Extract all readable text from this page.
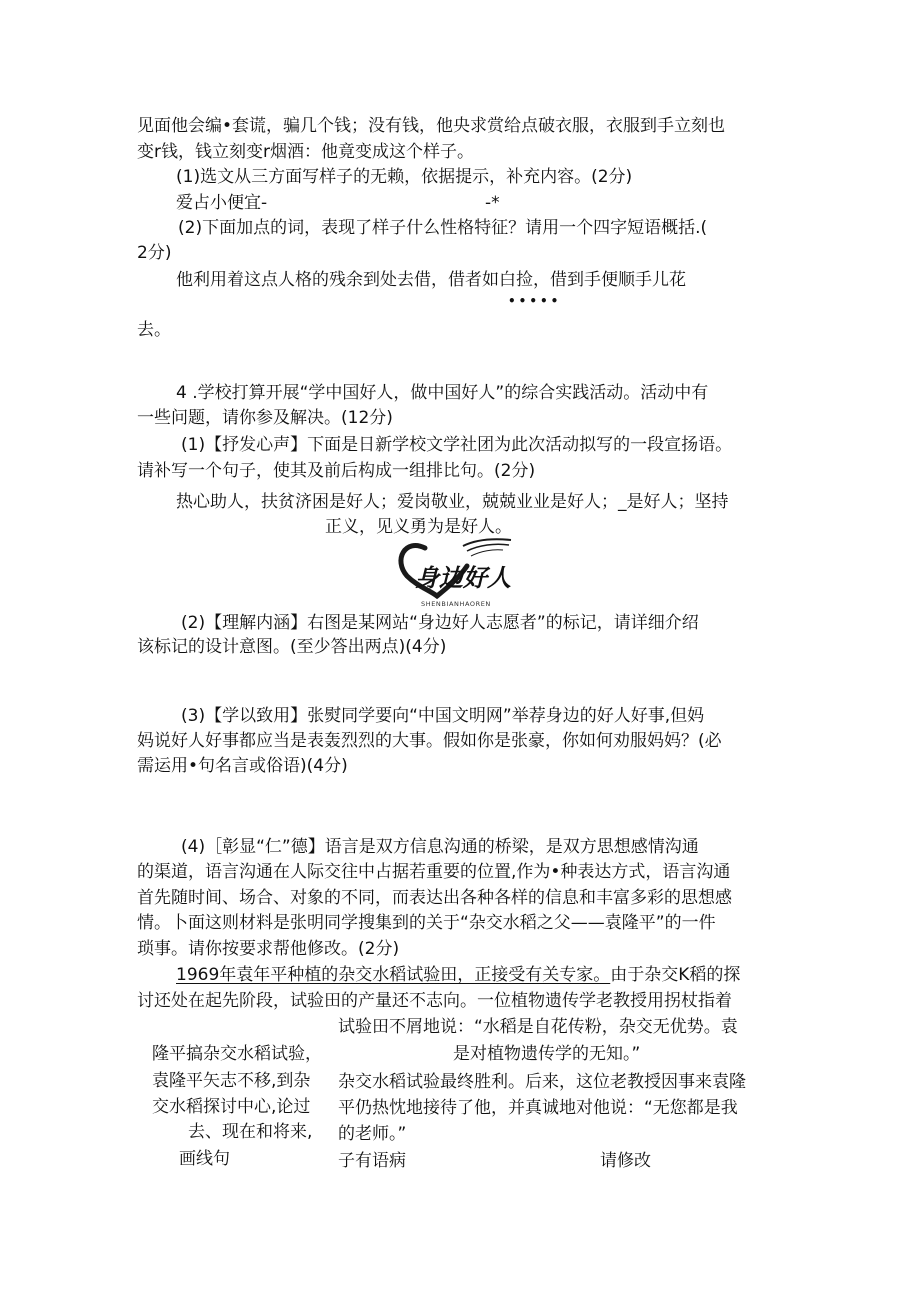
见面他会编•套谎，骗几个钱；没有钱，他央求赏给点破衣服，衣服到手立刻也
变r钱，钱立刻变r烟酒：他竟变成这个样子。
(1)选文从三方面写样子的无赖，依据提示，补充内容。(2分)
爱占小便宜-	-*
(2)下面加点的词，表现了样子什么性格特征？请用一个四字短语概括.(
2分)
他利用着这点人格的残余到处去借，借者如白捡，借到手便顺手儿花
•••••
去。
4 .学校打算开展“学中国好人，做中国好人”的综合实践活动。活动中有
一些问题，请你参及解决。(12分)
(1)【抒发心声】下面是日新学校文学社团为此次活动拟写的一段宣扬语。
请补写一个句子，使其及前后构成一组排比句。(2分)
热心助人，扶贫济困是好人；爱岗敬业，兢兢业业是好人；_是好人；坚持
正义，见义勇为是好人。
身边好人
SHENBIANHAOREN
(2)【理解内涵】右图是某网站“身边好人志愿者”的标记，请详细介绍
该标记的设计意图。(至少答出两点)(4分)
(3)【学以致用】张熨同学要向“中国文明网”举荐身边的好人好事,但妈
妈说好人好事都应当是表轰烈烈的大事。假如你是张豪，你如何劝服妈妈？(必
需运用•句名言或俗语)(4分)
(4)［彰显“仁”德】语言是双方信息沟通的桥梁，是双方思想感情沟通
的渠道，语言沟通在人际交往中占据若重要的位置,作为•种表达方式，语言沟通
首先随时间、场合、对象的不同，而表达出各种各样的信息和丰富多彩的思想感
情。卜面这则材料是张明同学搜集到的关于“杂交水稻之父——袁隆平”的一件
琐事。请你按要求帮他修改。(2分)
1969年袁年平种植的杂交水稻试验田，正接受有关专家。由于杂交K稻的探
讨还处在起先阶段，试验田的产量还不志向。一位植物遗传学老教授用拐杖指着
试验田不屑地说：“水稻是自花传粉，杂交无优势。袁
是对植物遗传学的无知。”
杂交水稻试验最终胜利。后来，这位老教授因事来袁隆
平仍热忱地接待了他，并真诚地对他说：“无您都是我
的老师。”
隆平搞杂交水稻试验，
袁隆平矢志不移,到杂
交水稻探讨中心,论过
去、现在和将来,
画线句	子有语病	请修改
